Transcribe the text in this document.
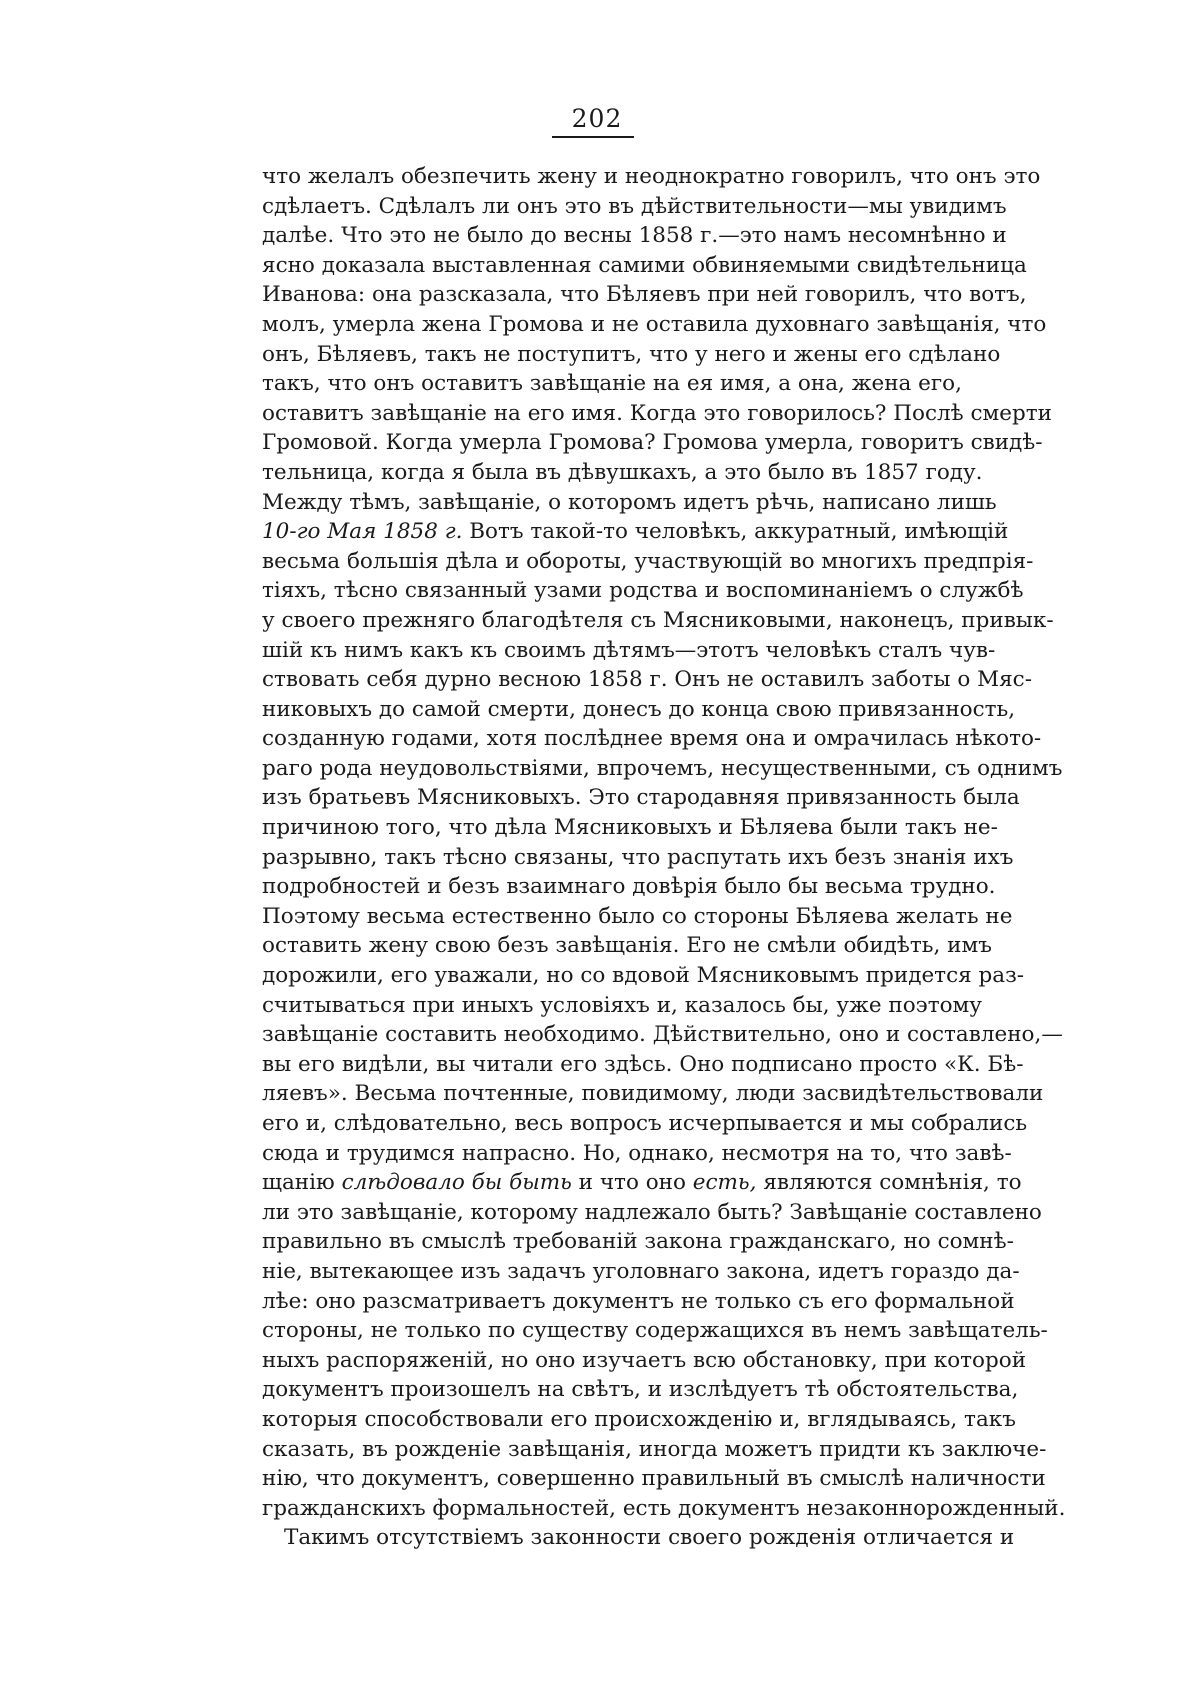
202
что желалъ обезпечить жену и неоднократно говорилъ, что онъ это
сдѣлаетъ. Сдѣлалъ ли онъ это въ дѣйствительности—мы увидимъ
далѣе. Что это не было до весны 1858 г.—это намъ несомнѣнно и
ясно доказала выставленная самими обвиняемыми свидѣтельница
Иванова: она разсказала, что Бѣляевъ при ней говорилъ, что вотъ,
молъ, умерла жена Громова и не оставила духовнаго завѣщанія, что
онъ, Бѣляевъ, такъ не поступитъ, что у него и жены его сдѣлано
такъ, что онъ оставитъ завѣщаніе на ея имя, а она, жена его,
оставитъ завѣщаніе на его имя. Когда это говорилось? Послѣ смерти
Громовой. Когда умерла Громова? Громова умерла, говоритъ свидѣ-
тельница, когда я была въ дѣвушкахъ, а это было въ 1857 году.
Между тѣмъ, завѣщаніе, о которомъ идетъ рѣчь, написано лишь
10-го Мая 1858 г. Вотъ такой-то человѣкъ, аккуратный, имѣющій
весьма большія дѣла и обороты, участвующій во многихъ предпрія-
тіяхъ, тѣсно связанный узами родства и воспоминаніемъ о службѣ
у своего прежняго благодѣтеля съ Мясниковыми, наконецъ, привык-
шій къ нимъ какъ къ своимъ дѣтямъ—этотъ человѣкъ сталъ чув-
ствовать себя дурно весною 1858 г. Онъ не оставилъ заботы о Мяс-
никовыхъ до самой смерти, донесъ до конца свою привязанность,
созданную годами, хотя послѣднее время она и омрачилась нѣкото-
раго рода неудовольствіями, впрочемъ, несущественными, съ однимъ
изъ братьевъ Мясниковыхъ. Это стародавняя привязанность была
причиною того, что дѣла Мясниковыхъ и Бѣляева были такъ не-
разрывно, такъ тѣсно связаны, что распутать ихъ безъ знанія ихъ
подробностей и безъ взаимнаго довѣрія было бы весьма трудно.
Поэтому весьма естественно было со стороны Бѣляева желать не
оставить жену свою безъ завѣщанія. Его не смѣли обидѣть, имъ
дорожили, его уважали, но со вдовой Мясниковымъ придется раз-
считываться при иныхъ условіяхъ и, казалось бы, уже поэтому
завѣщаніе составить необходимо. Дѣйствительно, оно и составлено,—
вы его видѣли, вы читали его здѣсь. Оно подписано просто «К. Бѣ-
ляевъ». Весьма почтенные, повидимому, люди засвидѣтельствовали
его и, слѣдовательно, весь вопросъ исчерпывается и мы собрались
сюда и трудимся напрасно. Но, однако, несмотря на то, что завѣ-
щанію слѣдовало бы быть и что оно есть, являются сомнѣнія, то
ли это завѣщаніе, которому надлежало быть? Завѣщаніе составлено
правильно въ смыслѣ требованій закона гражданскаго, но сомнѣ-
ніе, вытекающее изъ задачъ уголовнаго закона, идетъ гораздо да-
лѣе: оно разсматриваетъ документъ не только съ его формальной
стороны, не только по существу содержащихся въ немъ завѣщатель-
ныхъ распоряженій, но оно изучаетъ всю обстановку, при которой
документъ произошелъ на свѣтъ, и изслѣдуетъ тѣ обстоятельства,
которыя способствовали его происхожденію и, вглядываясь, такъ
сказать, въ рожденіе завѣщанія, иногда можетъ придти къ заключе-
нію, что документъ, совершенно правильный въ смыслѣ наличности
гражданскихъ формальностей, есть документъ незаконнорожденный.
Такимъ отсутствіемъ законности своего рожденія отличается и
